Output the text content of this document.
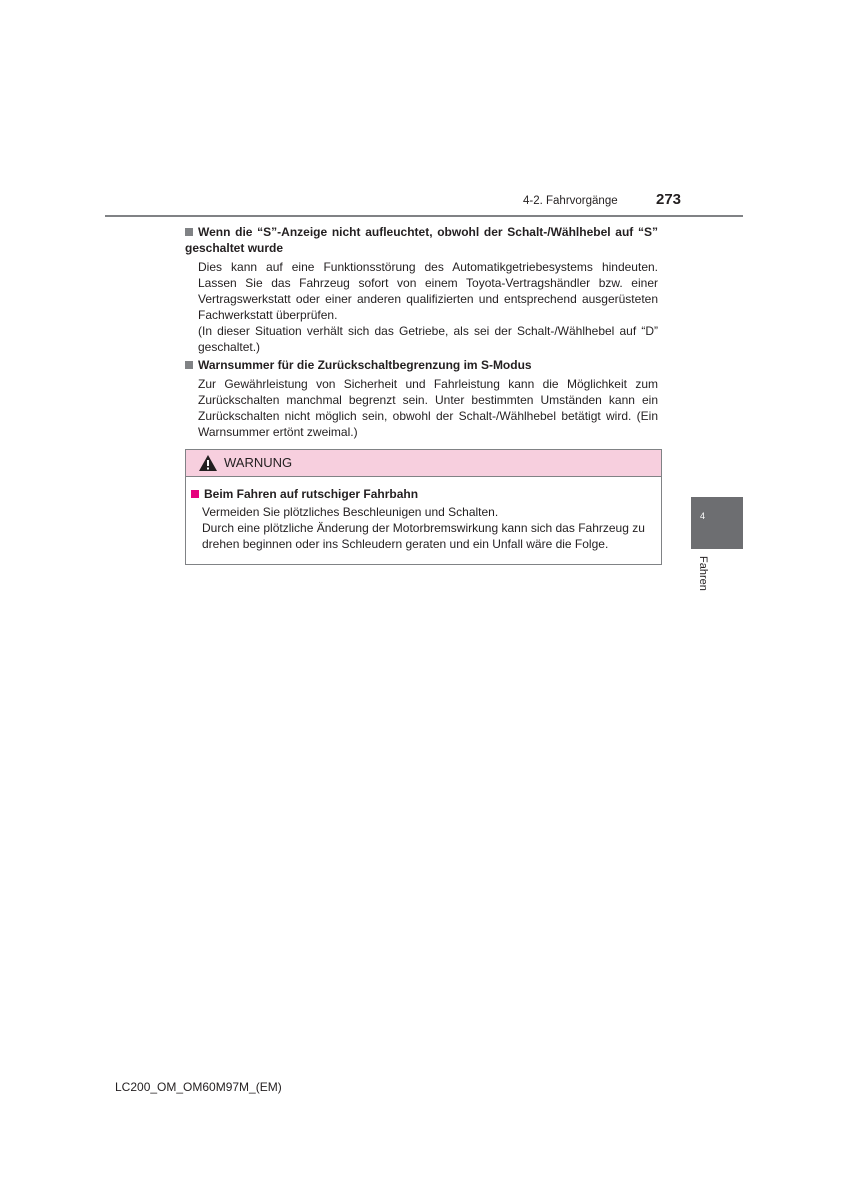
4-2. Fahrvorgänge	273
Wenn die “S”-Anzeige nicht aufleuchtet, obwohl der Schalt-/Wählhebel auf “S” geschaltet wurde
Dies kann auf eine Funktionsstörung des Automatikgetriebesystems hindeuten. Lassen Sie das Fahrzeug sofort von einem Toyota-Vertragshändler bzw. einer Vertragswerkstatt oder einer anderen qualifizierten und entsprechend ausgerüsteten Fachwerkstatt überprüfen.
(In dieser Situation verhält sich das Getriebe, als sei der Schalt-/Wählhebel auf “D” geschaltet.)
Warnsummer für die Zurückschaltbegrenzung im S-Modus
Zur Gewährleistung von Sicherheit und Fahrleistung kann die Möglichkeit zum Zurückschalten manchmal begrenzt sein. Unter bestimmten Umständen kann ein Zurückschalten nicht möglich sein, obwohl der Schalt-/Wählhebel betätigt wird. (Ein Warnsummer ertönt zweimal.)
WARNUNG
Beim Fahren auf rutschiger Fahrbahn
Vermeiden Sie plötzliches Beschleunigen und Schalten.
Durch eine plötzliche Änderung der Motorbremswirkung kann sich das Fahrzeug zu drehen beginnen oder ins Schleudern geraten und ein Unfall wäre die Folge.
4
Fahren
LC200_OM_OM60M97M_(EM)
